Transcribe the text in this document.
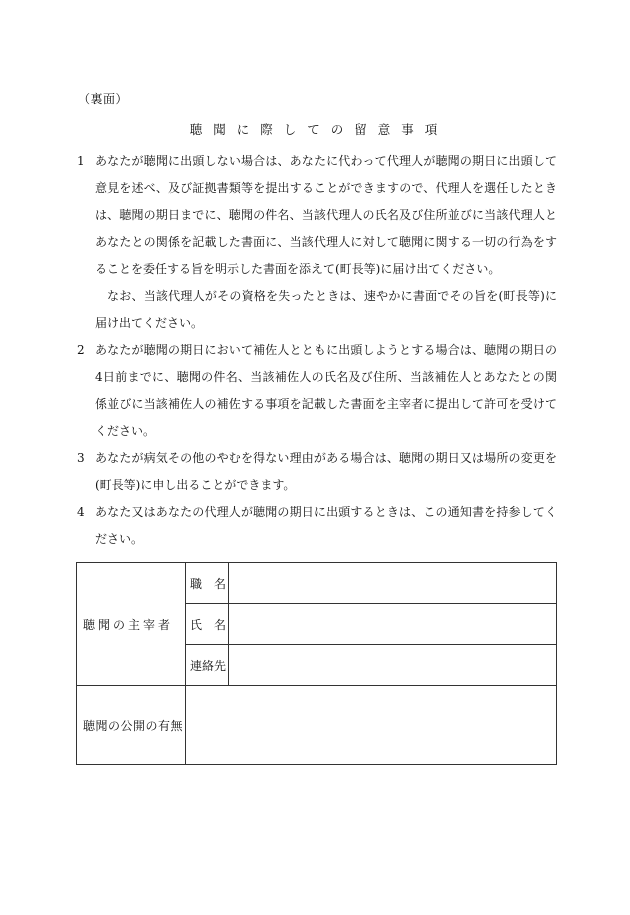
（裏面）
聴聞に際しての留意事項
1 あなたが聴聞に出頭しない場合は、あなたに代わって代理人が聴聞の期日に出頭して意見を述べ、及び証拠書類等を提出することができますので、代理人を選任したときは、聴聞の期日までに、聴聞の件名、当該代理人の氏名及び住所並びに当該代理人とあなたとの関係を記載した書面に、当該代理人に対して聴聞に関する一切の行為をすることを委任する旨を明示した書面を添えて(町長等)に届け出てください。

なお、当該代理人がその資格を失ったときは、速やかに書面でその旨を(町長等)に届け出てください。

2 あなたが聴聞の期日において補佐人とともに出頭しようとする場合は、聴聞の期日の4日前までに、聴聞の件名、当該補佐人の氏名及び住所、当該補佐人とあなたとの関係並びに当該補佐人の補佐する事項を記載した書面を主宰者に提出して許可を受けてください。

3 あなたが病気その他のやむを得ない理由がある場合は、聴聞の期日又は場所の変更を(町長等)に申し出ることができます。

4 あなた又はあなたの代理人が聴聞の期日に出頭するときは、この通知書を持参してください。

聴聞の主宰者	職　名	
	氏　名	
	連絡先	
聴聞の公開の有無		
